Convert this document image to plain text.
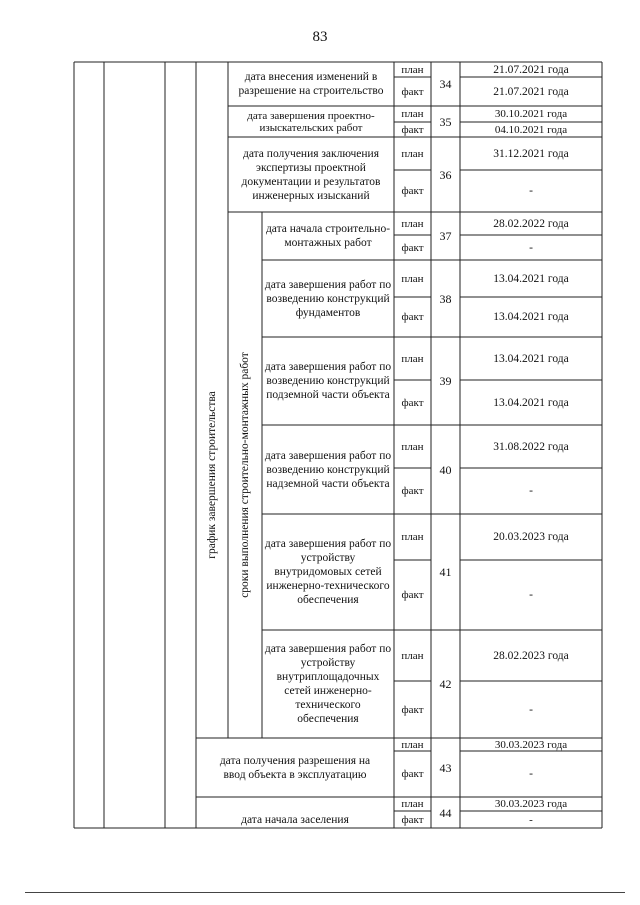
83
график завершения строительства сроки выполнения строительно-монтажных работ
дата внесения изменений в разрешение на строительство
план
факт
34
21.07.2021 года
21.07.2021 года
дата завершения проектно-изыскательских работ
план
факт
35
30.10.2021 года
04.10.2021 года
дата получения заключения экспертизы проектной документации и результатов инженерных изысканий
план
факт
36
31.12.2021 года
-
дата начала строительно-монтажных работ
план
факт
37
28.02.2022 года
-
дата завершения работ по возведению конструкций фундаментов
план
факт
38
13.04.2021 года
13.04.2021 года
дата завершения работ по возведению конструкций подземной части объекта
план
факт
39
13.04.2021 года
13.04.2021 года
дата завершения работ по возведению конструкций надземной части объекта
план
факт
40
31.08.2022 года
-
дата завершения работ по устройству внутридомовых сетей инженерно-технического обеспечения
план
факт
41
20.03.2023 года
-
дата завершения работ по устройству внутриплощадочных сетей инженерно-технического обеспечения
план
факт
42
28.02.2023 года
-
дата получения разрешения на ввод объекта в эксплуатацию
план
факт	43
30.03.2023 года
-
дата начала заселения
план
факт	44
30.03.2023 года
-
